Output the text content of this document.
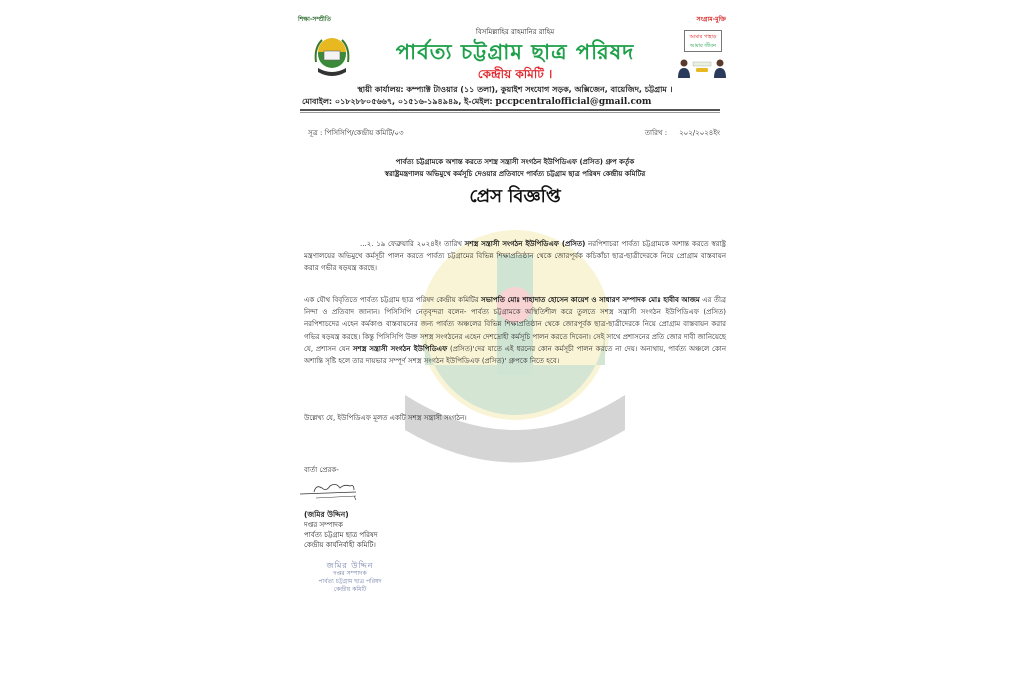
শিক্ষা-সম্প্রীতি	সংগ্রাম-মুক্তি
বিসমিল্লাহির রাহমানির রাহিম
পার্বত্য চট্টগ্রাম ছাত্র পরিষদ
কেন্দ্রীয় কমিটি ।
আমার পাহাড়
আমার জীবন
স্থায়ী কার্যালয়: কম্প্যাক্ট টাওয়ার (১১ তলা), কুয়াইশ সংযোগ সড়ক, অক্সিজেন, বায়েজিদ, চট্টগ্রাম ।
মোবাইল: ০১৮২৮৮০৫৬৬৭, ০১৫১৬-১৯৪৯৪৯, ই-মেইল: pccpcentralofficial@gmail.com
সূত্র : পিসিসিপি/কেন্দ্রীয় কমিটি/০৩	তারিখ : ২০২/২০২৪ইং
পার্বত্য চট্টগ্রামকে অশান্ত করতে সশস্ত্র সন্ত্রাসী সংগঠন ইউপিডিএফ (প্রসিত) গ্রুপ কর্তৃক
স্বরাষ্ট্রমন্ত্রণালয় অভিমুখে কর্মসূচি দেওয়ার প্রতিবাদে পার্বত্য চট্টগ্রাম ছাত্র পরিষদ কেন্দ্রীয় কমিটির
প্রেস বিজ্ঞপ্তি
...২. ১৯ ফেব্রুয়ারি ২০২৪ইং তারিখ সশস্ত্র সন্ত্রাসী সংগঠন ইউপিডিএফ (প্রসিত) নরপিশাচরা পার্বত্য চট্টগ্রামকে অশান্ত করতে স্বরাষ্ট্র মন্ত্রণালয়ের অভিমুখে কর্মসূচী পালন করতে পার্বত্য চট্টগ্রামের বিভিন্ন শিক্ষাপ্রতিষ্ঠান থেকে জোরপূর্বক কচিকাঁচা ছাত্র-ছাত্রীদেরকে নিয়ে প্রোগ্রাম বাস্তবায়ন করার গভীর ষড়যন্ত্র করছে।
এক যৌথ বিবৃতিতে পার্বত্য চট্টগ্রাম ছাত্র পরিষদ কেন্দ্রীয় কমিটির সভাপতি মোঃ শাহাদাত হোসেন কায়েশ ও সাধারণ সম্পাদক মোঃ হাবীব আজম এর তীব্র নিন্দা ও প্রতিবাদ জানান। পিসিসিপি নেতৃবৃন্দরা বলেন- পার্বত্য চট্টগ্রামকে অস্থিতিশীল করে তুলতে সশস্ত্র সন্ত্রাসী সংগঠন ইউপিডিএফ (প্রসিত) নরপিশাচদের এহেন কর্মকাণ্ড বাস্তবায়নের জন্য পার্বত্য অঞ্চলের বিভিন্ন শিক্ষাপ্রতিষ্ঠান থেকে জোরপূর্বক ছাত্র-ছাত্রীদেরকে নিয়ে প্রোগ্রাম বাস্তবায়ন করার গভির ষড়যন্ত্র করছে। কিন্তু পিসিসিপি উক্ত সশস্ত্র সংগঠনের এহেন দেশদ্রোহী কর্মসূচি পালন করতে দিবেনা। সেই সাথে প্রশাসনের প্রতি জোর দাবী জানিয়েছে যে, প্রশাসন যেন সশস্ত্র সন্ত্রাসী সংগঠন ইউপিডিএফ (প্রসিত)'দের যাতে এই ধরনের কোন কর্মসূচী পালন করতে না দেয়। অন্যথায়, পার্বত্য অঞ্চলে কোন অশান্তি সৃষ্টি হলে তার দায়ভার সম্পূর্ণ সশস্ত্র সংগঠন ইউপিডিএফ (প্রসিত)' গ্রুপকে নিতে হবে।
উল্লেখ্য যে, ইউপিডিএফ মূলত একটি সশস্ত্র সন্ত্রাসী সংগঠন।
বার্তা প্রেরক-
(জমির উদ্দিন)
দপ্তর সম্পাদক
পার্বত্য চট্টগ্রাম ছাত্র পরিষদ
কেন্দ্রীয় কার্যনির্বাহী কমিটি।
জমির উদ্দিন
দপ্তর সম্পাদক
পার্বত্য চট্টগ্রাম ছাত্র পরিষদ
কেন্দ্রীয় কমিটি
